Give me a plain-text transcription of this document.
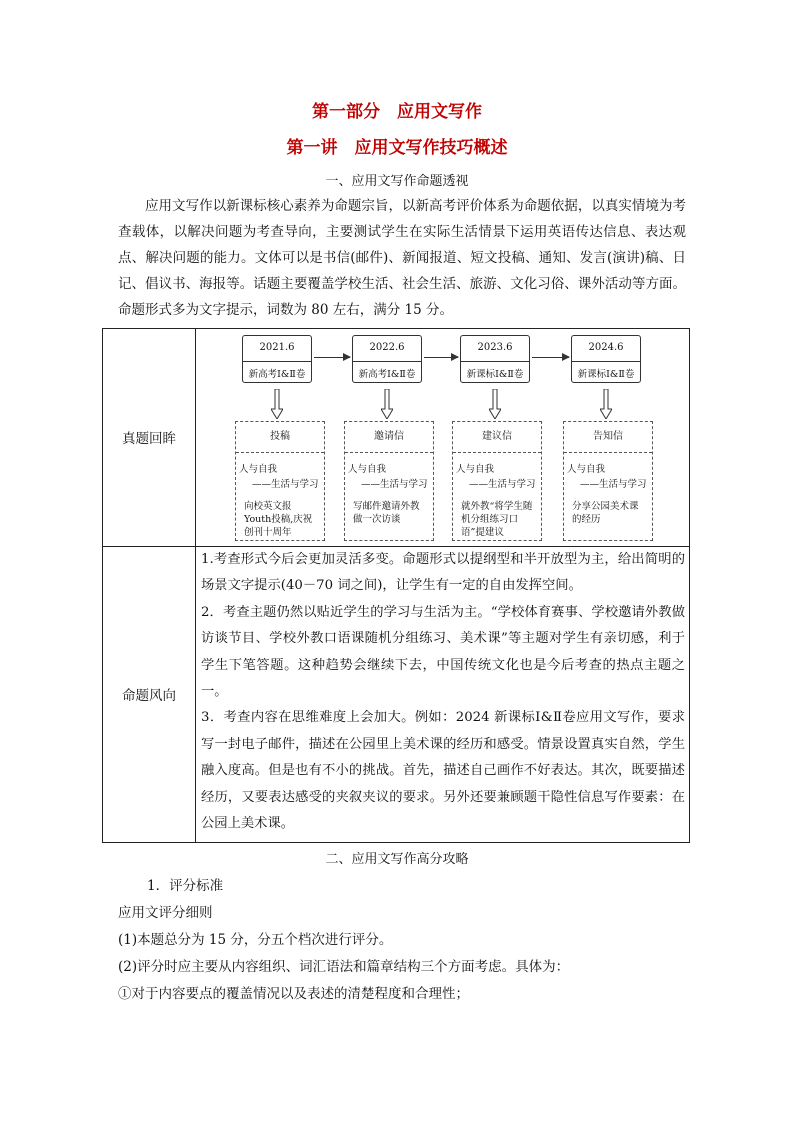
第一部分　应用文写作
第一讲　应用文写作技巧概述
一、应用文写作命题透视
应用文写作以新课标核心素养为命题宗旨，以新高考评价体系为命题依据，以真实情境为考查载体，以解决问题为考查导向，主要测试学生在实际生活情景下运用英语传达信息、表达观点、解决问题的能力。文体可以是书信(邮件)、新闻报道、短文投稿、通知、发言(演讲)稿、日记、倡议书、海报等。话题主要覆盖学校生活、社会生活、旅游、文化习俗、课外活动等方面。命题形式多为文字提示，词数为 80 左右，满分 15 分。
真题回眸
命题风向
2021.6
新高考Ⅰ&Ⅱ卷
2022.6
新高考Ⅰ&Ⅱ卷
2023.6
新课标Ⅰ&Ⅱ卷
2024.6
新课标Ⅰ&Ⅱ卷
投稿
人与自我
——生活与学习
向校英文报Youth投稿,庆祝创刊十周年
邀请信
人与自我
——生活与学习
写邮件邀请外教做一次访谈
建议信
人与自我
——生活与学习
就外教“将学生随机分组练习口语”提建议
告知信
人与自我
——生活与学习
分享公园美术课的经历
1.考查形式今后会更加灵活多变。命题形式以提纲型和半开放型为主，给出简明的场景文字提示(40－70 词之间)，让学生有一定的自由发挥空间。
2．考查主题仍然以贴近学生的学习与生活为主。“学校体育赛事、学校邀请外教做访谈节目、学校外教口语课随机分组练习、美术课”等主题对学生有亲切感，利于学生下笔答题。这种趋势会继续下去，中国传统文化也是今后考查的热点主题之一。
3．考查内容在思维难度上会加大。例如：2024 新课标Ⅰ&Ⅱ卷应用文写作，要求写一封电子邮件，描述在公园里上美术课的经历和感受。情景设置真实自然，学生融入度高。但是也有不小的挑战。首先，描述自己画作不好表达。其次，既要描述经历，又要表达感受的夹叙夹议的要求。另外还要兼顾题干隐性信息写作要素：在公园上美术课。
二、应用文写作高分攻略
1．评分标准
应用文评分细则
(1)本题总分为 15 分，分五个档次进行评分。
(2)评分时应主要从内容组织、词汇语法和篇章结构三个方面考虑。具体为：
①对于内容要点的覆盖情况以及表述的清楚程度和合理性；
